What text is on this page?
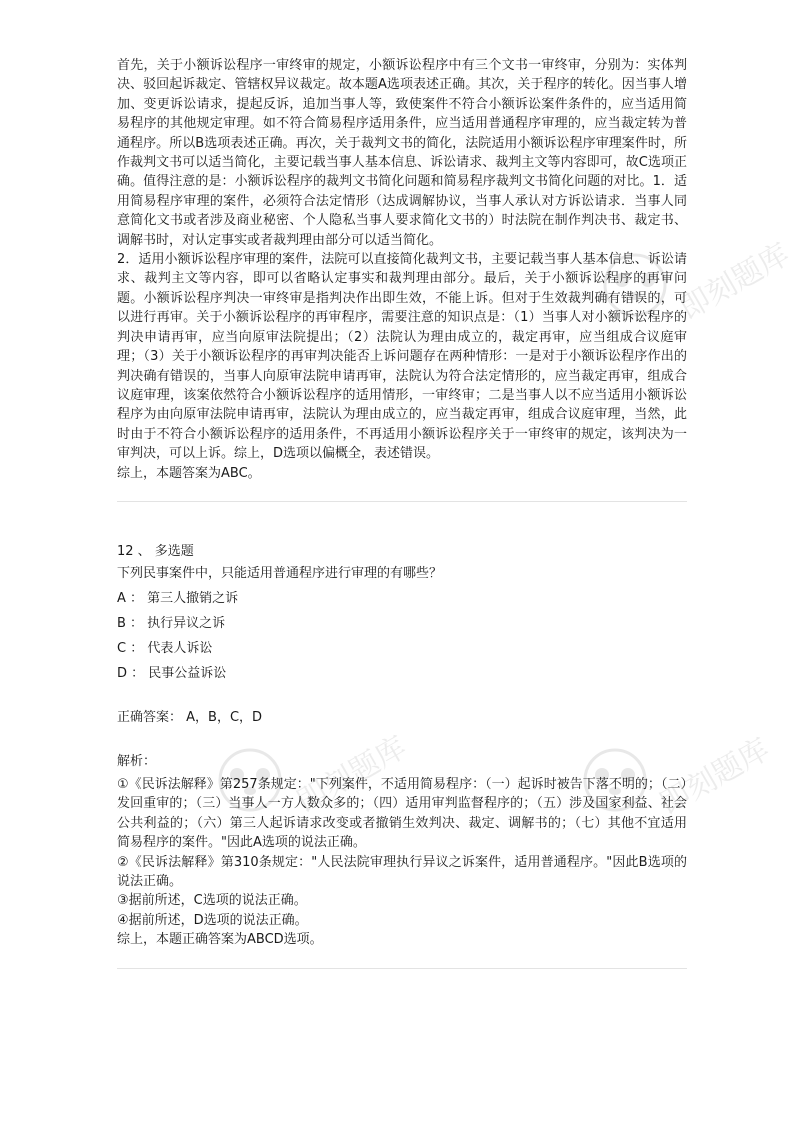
即刻题库
即刻题库	即刻题库

首先，关于小额诉讼程序一审终审的规定，小额诉讼程序中有三个文书一审终审，分别为：实体判决、驳回起诉裁定、管辖权异议裁定。故本题A选项表述正确。其次，关于程序的转化。因当事人增加、变更诉讼请求，提起反诉，追加当事人等，致使案件不符合小额诉讼案件条件的，应当适用简易程序的其他规定审理。如不符合简易程序适用条件，应当适用普通程序审理的，应当裁定转为普通程序。所以B选项表述正确。再次，关于裁判文书的简化，法院适用小额诉讼程序审理案件时，所作裁判文书可以适当简化，主要记载当事人基本信息、诉讼请求、裁判主文等内容即可，故C选项正确。值得注意的是：小额诉讼程序的裁判文书简化问题和简易程序裁判文书简化问题的对比。1．适用简易程序审理的案件，必须符合法定情形（达成调解协议，当事人承认对方诉讼请求．当事人同意简化文书或者涉及商业秘密、个人隐私当事人要求简化文书的）时法院在制作判决书、裁定书、调解书时，对认定事实或者裁判理由部分可以适当简化。

2．适用小额诉讼程序审理的案件，法院可以直接简化裁判文书，主要记载当事人基本信息、诉讼请求、裁判主文等内容，即可以省略认定事实和裁判理由部分。最后，关于小额诉讼程序的再审问题。小额诉讼程序判决一审终审是指判决作出即生效，不能上诉。但对于生效裁判确有错误的，可以进行再审。关于小额诉讼程序的再审程序，需要注意的知识点是：（1）当事人对小额诉讼程序的判决申请再审，应当向原审法院提出；（2）法院认为理由成立的，裁定再审，应当组成合议庭审理；（3）关于小额诉讼程序的再审判决能否上诉问题存在两种情形：一是对于小额诉讼程序作出的判决确有错误的，当事人向原审法院申请再审，法院认为符合法定情形的，应当裁定再审，组成合议庭审理，该案依然符合小额诉讼程序的适用情形，一审终审；二是当事人以不应当适用小额诉讼程序为由向原审法院申请再审，法院认为理由成立的，应当裁定再审，组成合议庭审理，当然，此时由于不符合小额诉讼程序的适用条件，不再适用小额诉讼程序关于一审终审的规定，该判决为一审判决，可以上诉。综上，D选项以偏概全，表述错误。

综上，本题答案为ABC。

12 、 多选题

下列民事案件中，只能适用普通程序进行审理的有哪些？

A ： 第三人撤销之诉

B ： 执行异议之诉

C ： 代表人诉讼

D ： 民事公益诉讼

正确答案： A，B，C，D

解析：

①《民诉法解释》第257条规定："下列案件，不适用简易程序：（一）起诉时被告下落不明的；（二）发回重审的；（三）当事人一方人数众多的；（四）适用审判监督程序的；（五）涉及国家利益、社会公共利益的；（六）第三人起诉请求改变或者撤销生效判决、裁定、调解书的；（七）其他不宜适用简易程序的案件。"因此A选项的说法正确。

②《民诉法解释》第310条规定："人民法院审理执行异议之诉案件，适用普通程序。"因此B选项的说法正确。

③据前所述，C选项的说法正确。

④据前所述，D选项的说法正确。

综上，本题正确答案为ABCD选项。
